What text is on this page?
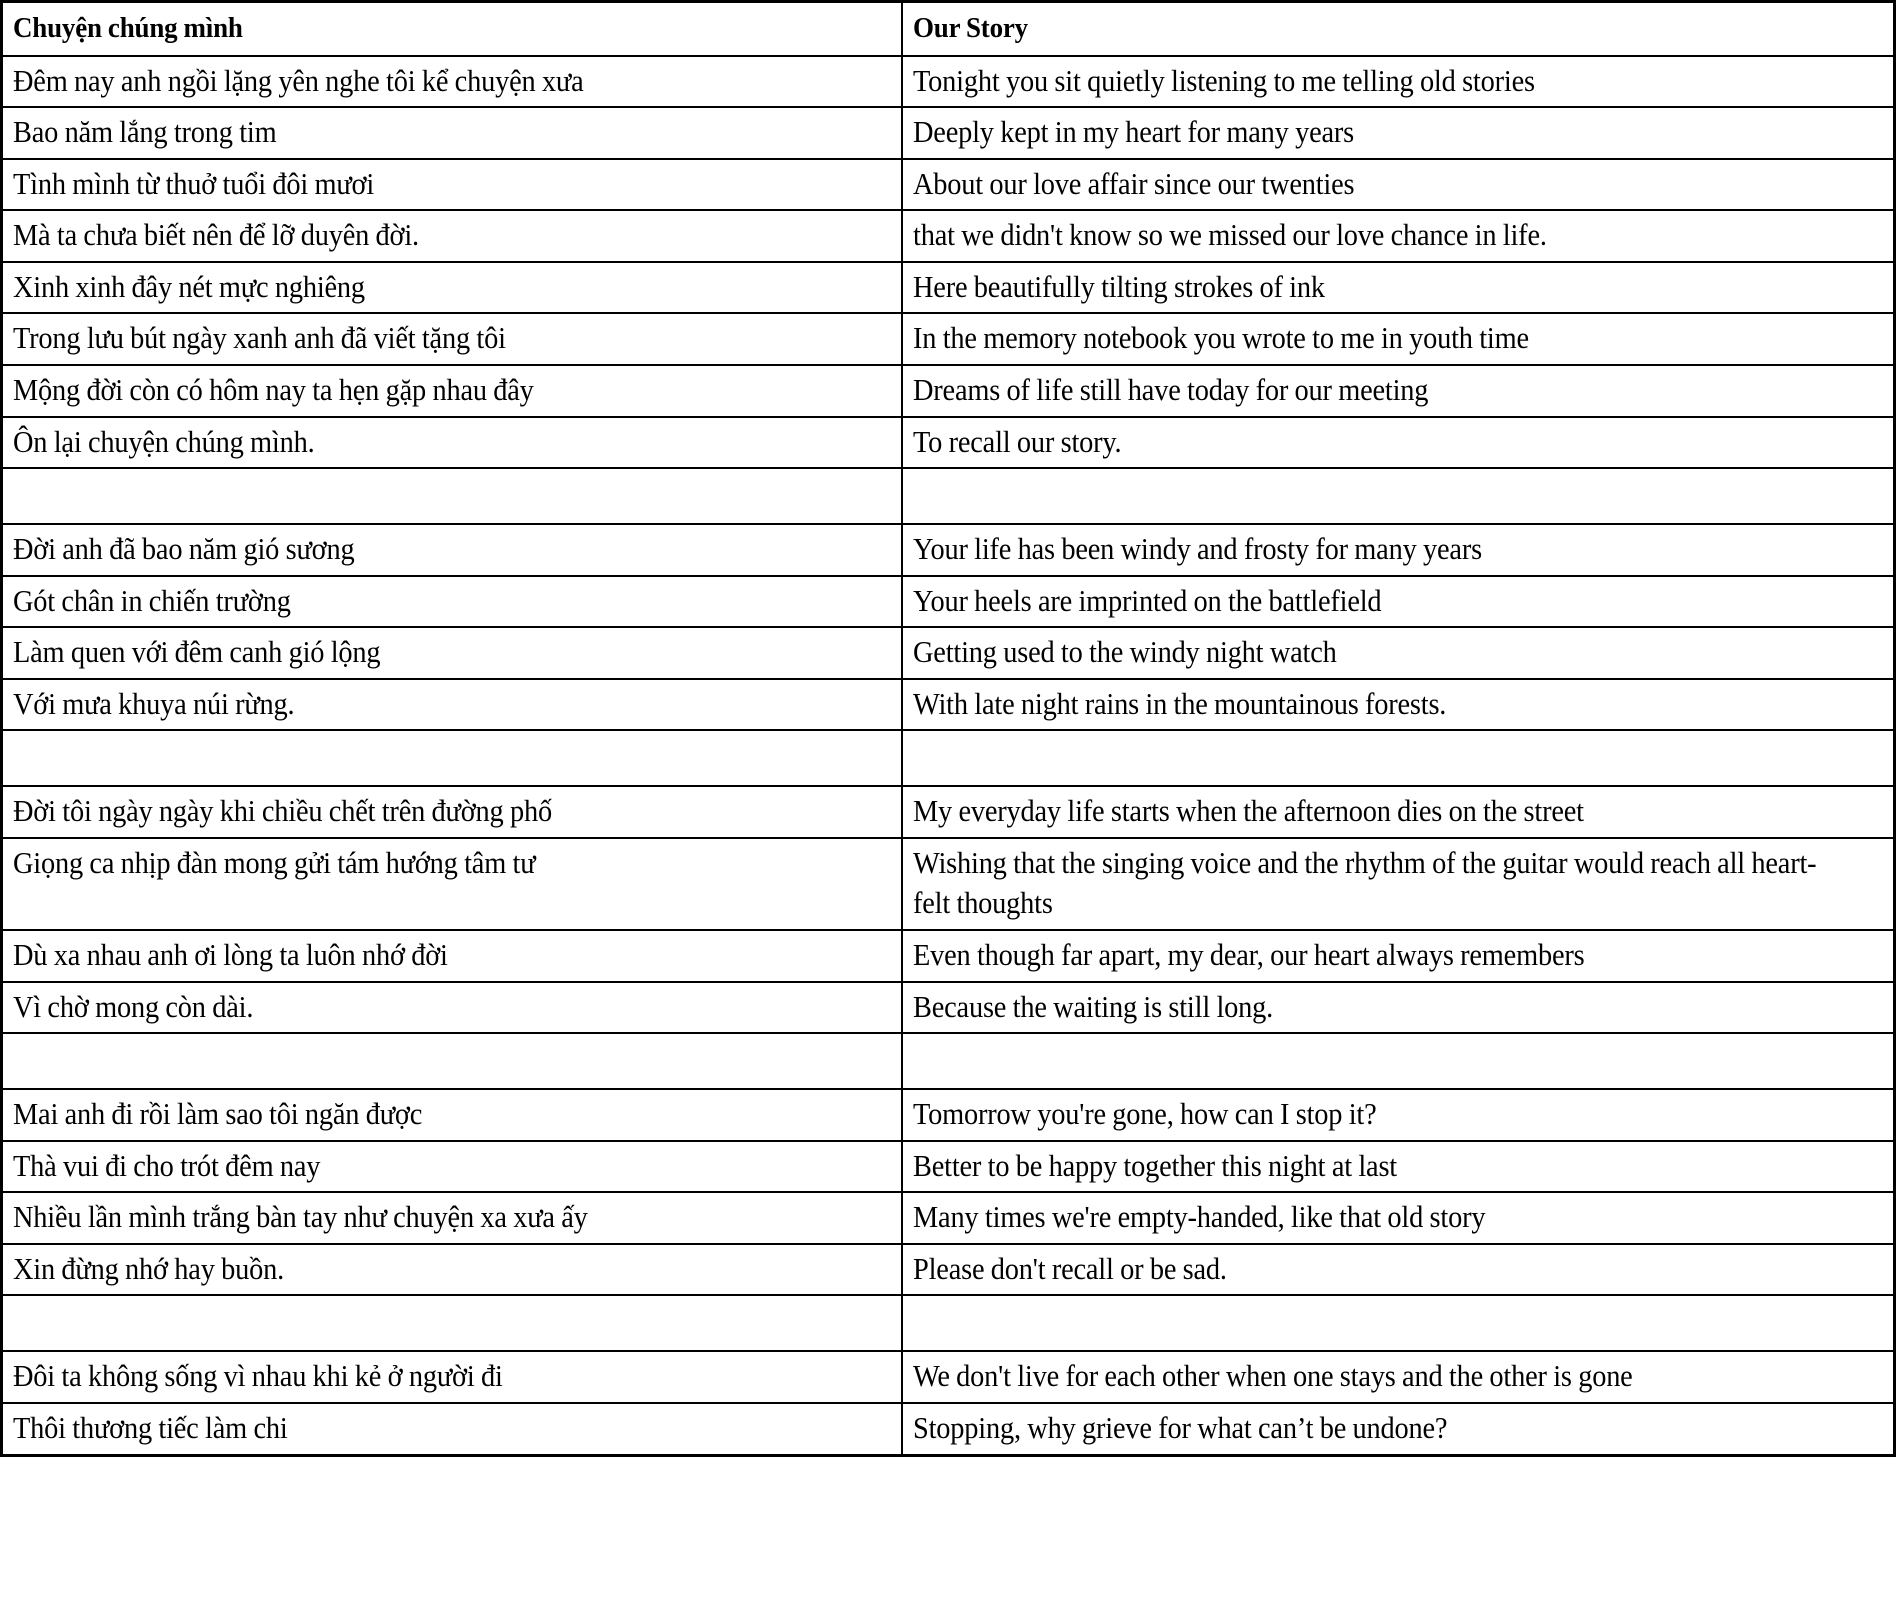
Chuyện chúng mình	Our Story
Đêm nay anh ngồi lặng yên nghe tôi kể chuyện xưa	Tonight you sit quietly listening to me telling old stories
Bao năm lắng trong tim	Deeply kept in my heart for many years
Tình mình từ thuở tuổi đôi mươi	About our love affair since our twenties
Mà ta chưa biết nên để lỡ duyên đời.	that we didn't know so we missed our love chance in life.
Xinh xinh đây nét mực nghiêng	Here beautifully tilting strokes of ink
Trong lưu bút ngày xanh anh đã viết tặng tôi	In the memory notebook you wrote to me in youth time
Mộng đời còn có hôm nay ta hẹn gặp nhau đây	Dreams of life still have today for our meeting
Ôn lại chuyện chúng mình.	To recall our story.

Đời anh đã bao năm gió sương	Your life has been windy and frosty for many years
Gót chân in chiến trường	Your heels are imprinted on the battlefield
Làm quen với đêm canh gió lộng	Getting used to the windy night watch
Với mưa khuya núi rừng.	With late night rains in the mountainous forests.

Đời tôi ngày ngày khi chiều chết trên đường phố	My everyday life starts when the afternoon dies on the street
Giọng ca nhịp đàn mong gửi tám hướng tâm tư	Wishing that the singing voice and the rhythm of the guitar would reach all heart-felt thoughts
Dù xa nhau anh ơi lòng ta luôn nhớ đời	Even though far apart, my dear, our heart always remembers
Vì chờ mong còn dài.	Because the waiting is still long.

Mai anh đi rồi làm sao tôi ngăn được	Tomorrow you're gone, how can I stop it?
Thà vui đi cho trót đêm nay	Better to be happy together this night at last
Nhiều lần mình trắng bàn tay như chuyện xa xưa ấy	Many times we're empty-handed, like that old story
Xin đừng nhớ hay buồn.	Please don't recall or be sad.

Đôi ta không sống vì nhau khi kẻ ở người đi	We don't live for each other when one stays and the other is gone
Thôi thương tiếc làm chi	Stopping, why grieve for what can’t be undone?
